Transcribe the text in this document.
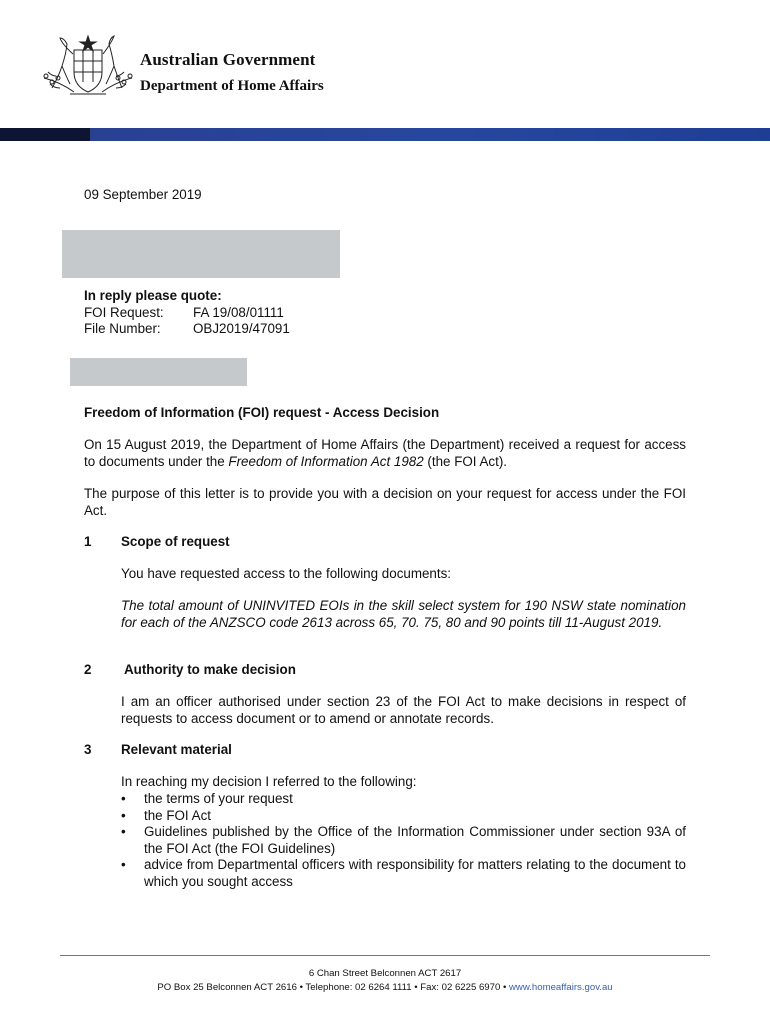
Australian Government
Department of Home Affairs
09 September 2019
In reply please quote:
FOI Request: FA 19/08/01111
File Number: OBJ2019/47091
Freedom of Information (FOI) request - Access Decision
On 15 August 2019, the Department of Home Affairs (the Department) received a request for access to documents under the Freedom of Information Act 1982 (the FOI Act).
The purpose of this letter is to provide you with a decision on your request for access under the FOI Act.
1 Scope of request
You have requested access to the following documents:
The total amount of UNINVITED EOIs in the skill select system for 190 NSW state nomination for each of the ANZSCO code 2613 across 65, 70. 75, 80 and 90 points till 11-August 2019.
2 Authority to make decision
I am an officer authorised under section 23 of the FOI Act to make decisions in respect of requests to access document or to amend or annotate records.
3 Relevant material
In reaching my decision I referred to the following:
• the terms of your request
• the FOI Act
• Guidelines published by the Office of the Information Commissioner under section 93A of the FOI Act (the FOI Guidelines)
• advice from Departmental officers with responsibility for matters relating to the document to which you sought access
6 Chan Street Belconnen ACT 2617
PO Box 25 Belconnen ACT 2616 • Telephone: 02 6264 1111 • Fax: 02 6225 6970 • www.homeaffairs.gov.au
